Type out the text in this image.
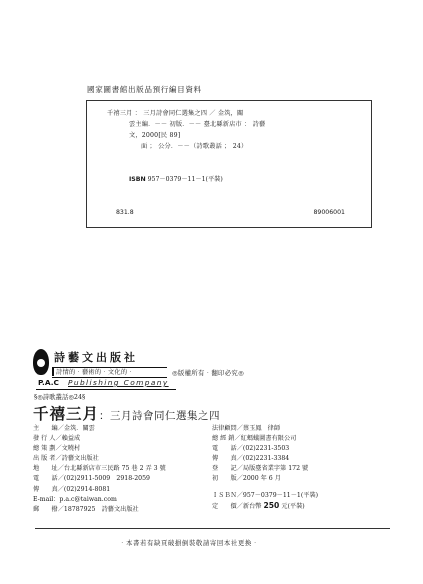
國家圖書館出版品預行編目資料
千禧三月 ： 三月詩會同仁選集之四 ／ 金筑，關
雲主編．－－ 初版．－－ 臺北縣新店市 ： 詩藝
文，2000[民 89]
面 ； 公分．－－（詩歌叢話 ； 24）
ISBN 957－0379－11－1(平裝)
831.8	89006001
詩藝文出版社
詩情的‧藝術的‧文化的‧	◎版權所有‧翻印必究◎
P.A.C Publishing Company
§◎詩歌叢話◎24§
千禧三月：三月詩會同仁選集之四
主　　編／金筑．關雲
發 行 人／賴益成
總 策 劃／文曉村
出 版 者／詩藝文出版社
地　　址／台北縣新店市三民路 75 巷 2 弄 3 號
電　　話／(02)2911-5009　2918-2059
傳　　真／(02)2914-8081
E-mail：p.a.c@taiwan.com
郵　　撥／18787925　詩藝文出版社
法律顧問／蔡玉鳳　律師
總 經 銷／紅螞蟻圖書有限公司
電　　話／(02)2231-3503
傳　　真／(02)2231-3384
登　　記／局版臺省業字第 172 號
初　　版／2000 年 6 月
ＩＳＢＮ／957－0379－11－1(平裝)
定　　價／新台幣 250 元(平裝)
‧本書若有缺頁破損倒裝敬請寄回本社更換‧
